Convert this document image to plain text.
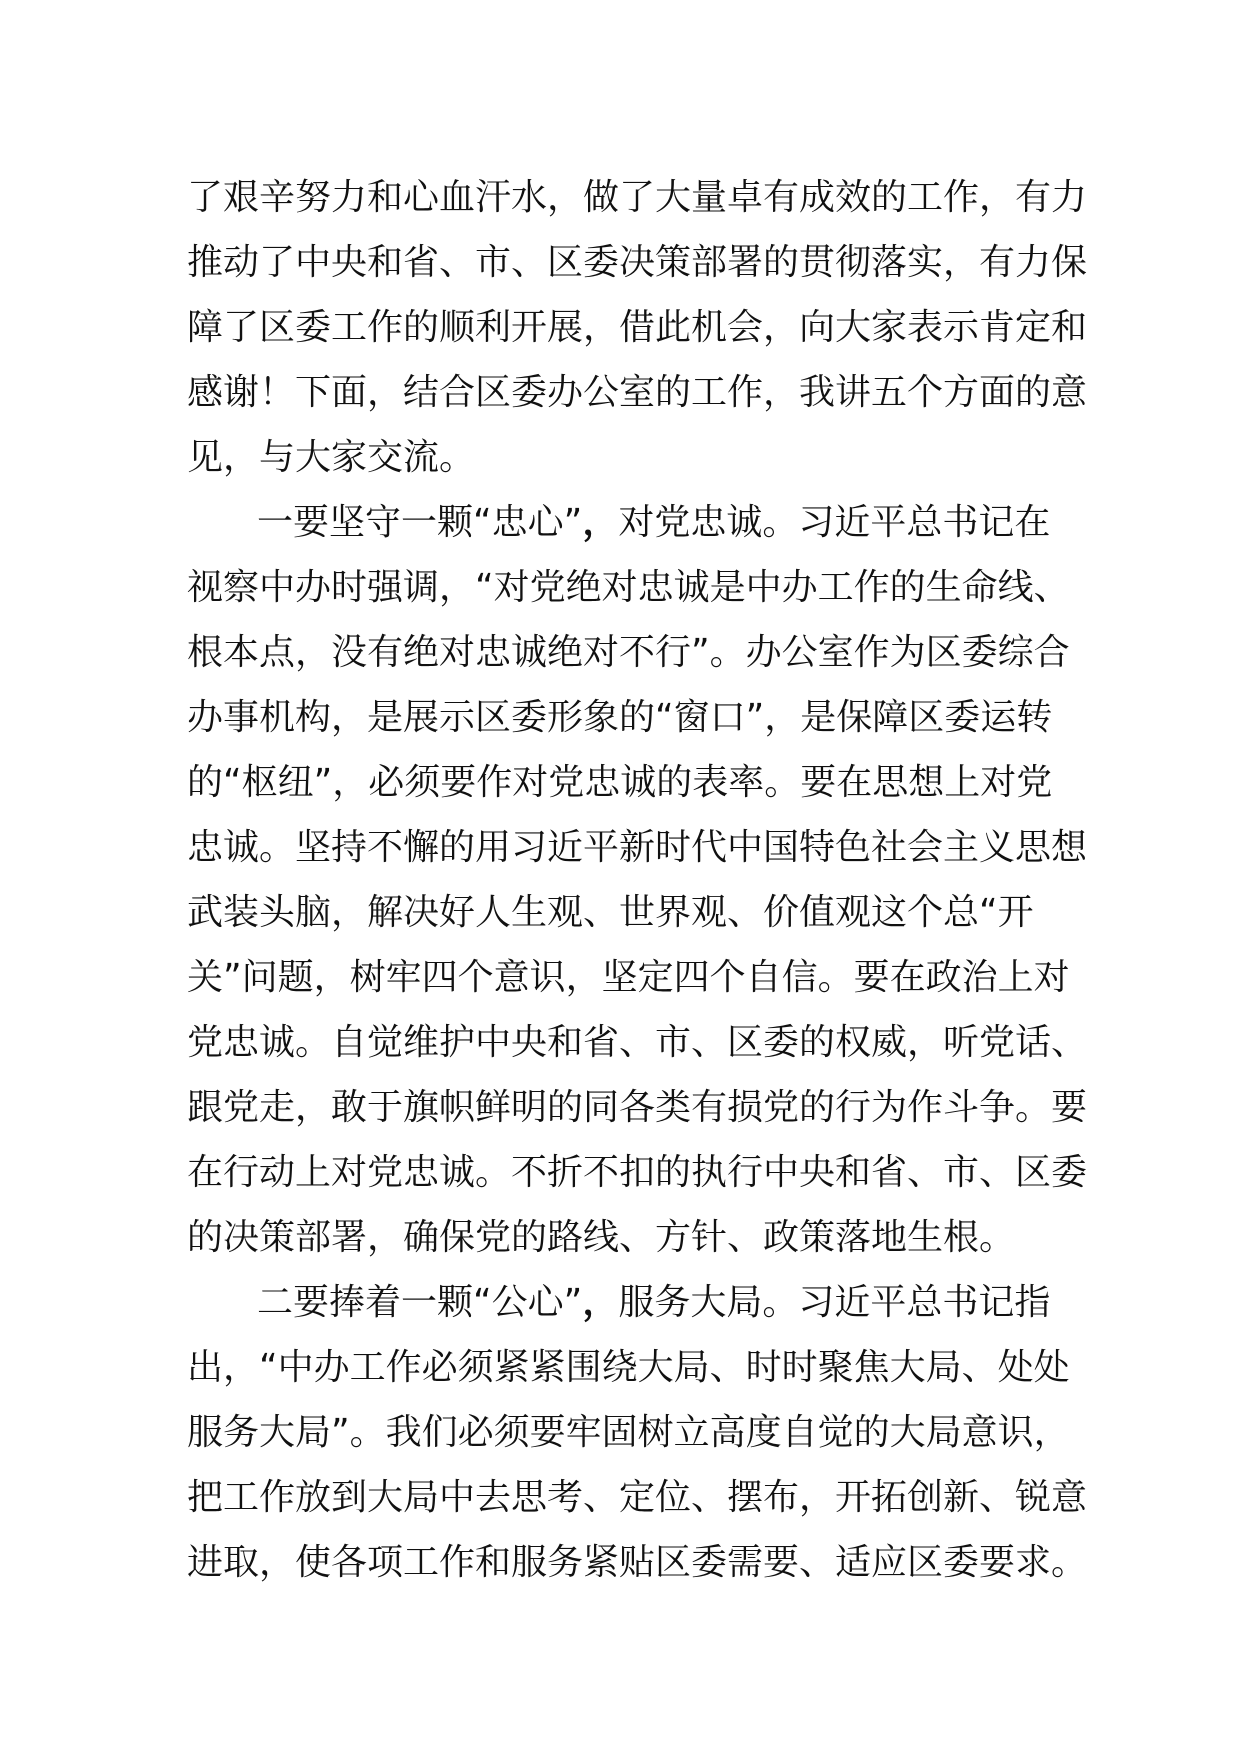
了艰辛努力和心血汗水，做了大量卓有成效的工作，有力
推动了中央和省、市、区委决策部署的贯彻落实，有力保
障了区委工作的顺利开展，借此机会，向大家表示肯定和
感谢！下面，结合区委办公室的工作，我讲五个方面的意
见，与大家交流。
一要坚守一颗“忠心”，对党忠诚。习近平总书记在
视察中办时强调，“对党绝对忠诚是中办工作的生命线、
根本点，没有绝对忠诚绝对不行”。办公室作为区委综合
办事机构，是展示区委形象的“窗口”，是保障区委运转
的“枢纽”，必须要作对党忠诚的表率。要在思想上对党
忠诚。坚持不懈的用习近平新时代中国特色社会主义思想
武装头脑，解决好人生观、世界观、价值观这个总“开
关”问题，树牢四个意识，坚定四个自信。要在政治上对
党忠诚。自觉维护中央和省、市、区委的权威，听党话、
跟党走，敢于旗帜鲜明的同各类有损党的行为作斗争。要
在行动上对党忠诚。不折不扣的执行中央和省、市、区委
的决策部署，确保党的路线、方针、政策落地生根。
二要捧着一颗“公心”，服务大局。习近平总书记指
出，“中办工作必须紧紧围绕大局、时时聚焦大局、处处
服务大局”。我们必须要牢固树立高度自觉的大局意识，
把工作放到大局中去思考、定位、摆布，开拓创新、锐意
进取，使各项工作和服务紧贴区委需要、适应区委要求。
